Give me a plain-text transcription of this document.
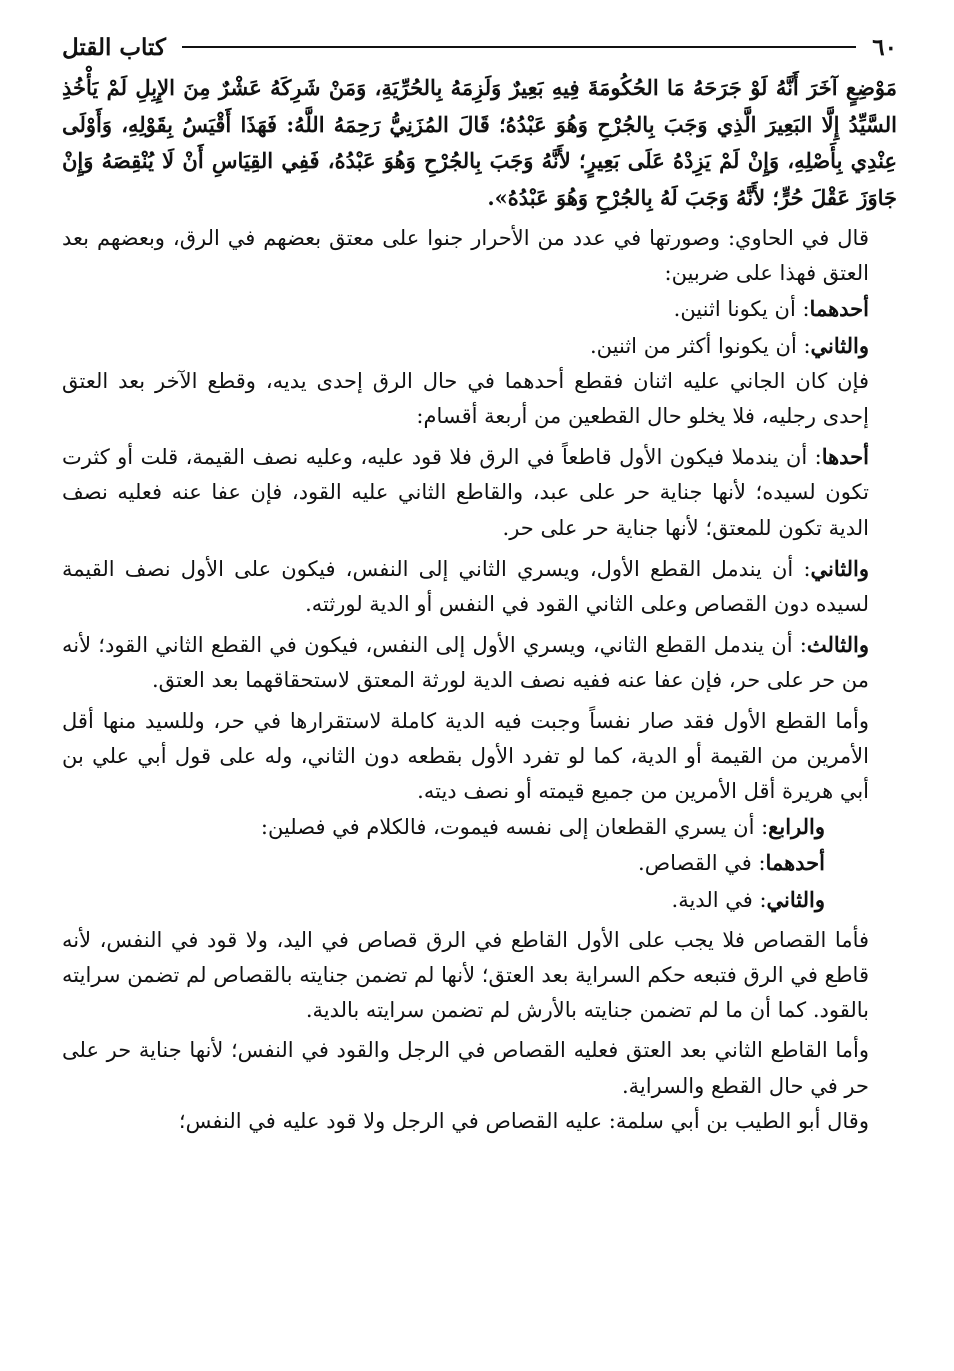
٦٠
كتاب القتل

مَوْضِعٍ آخَرَ أَنَّهُ لَوْ جَرَحَهُ مَا الحُكُومَةَ فِيهِ بَعِيرٌ وَلَزِمَهُ بِالحُرِّيَةِ، وَمَنْ شَرِكَهُ عَشْرٌ مِنَ الإِبِلِ لَمْ يَأْخُذِ السَّيِّدُ إِلَّا البَعِيرَ الَّذِي وَجَبَ بِالجُرْحِ وَهُوَ عَبْدُهُ؛ قَالَ المُزَنِيُّ رَحِمَهُ اللَّهُ: فَهَذَا أَقْيَسُ بِقَوْلِهِ، وَأَوْلَى عِنْدِي بِأَصْلِهِ، وَإِنْ لَمْ يَزِدْهُ عَلَى بَعِيرٍ؛ لأَنَّهُ وَجَبَ بِالجُرْحِ وَهُوَ عَبْدُهُ، فَفِي القِيَاسِ أَنْ لَا يُنْقِصَهُ وَإِنْ جَاوَزَ عَقْلَ حُرٍّ؛ لأَنَّهُ وَجَبَ لَهُ بِالجُرْحِ وَهُوَ عَبْدُهُ».

قال في الحاوي: وصورتها في عدد من الأحرار جنوا على معتق بعضهم في الرق، وبعضهم بعد العتق فهذا على ضربين:

أحدهما: أن يكونا اثنين.

والثاني: أن يكونوا أكثر من اثنين.

فإن كان الجاني عليه اثنان فقطع أحدهما في حال الرق إحدى يديه، وقطع الآخر بعد العتق إحدى رجليه، فلا يخلو حال القطعين من أربعة أقسام:

أحدها: أن يندملا فيكون الأول قاطعاً في الرق فلا قود عليه، وعليه نصف القيمة، قلت أو كثرت تكون لسيده؛ لأنها جناية حر على عبد، والقاطع الثاني عليه القود، فإن عفا عنه فعليه نصف الدية تكون للمعتق؛ لأنها جناية حر على حر.

والثاني: أن يندمل القطع الأول، ويسري الثاني إلى النفس، فيكون على الأول نصف القيمة لسيده دون القصاص وعلى الثاني القود في النفس أو الدية لورثته.

والثالث: أن يندمل القطع الثاني، ويسري الأول إلى النفس، فيكون في القطع الثاني القود؛ لأنه من حر على حر، فإن عفا عنه ففيه نصف الدية لورثة المعتق لاستحقاقهما بعد العتق.

وأما القطع الأول فقد صار نفساً وجبت فيه الدية كاملة لاستقرارها في حر، وللسيد منها أقل الأمرين من القيمة أو الدية، كما لو تفرد الأول بقطعه دون الثاني، وله على قول أبي علي بن أبي هريرة أقل الأمرين من جميع قيمته أو نصف ديته.

والرابع: أن يسري القطعان إلى نفسه فيموت، فالكلام في فصلين:

أحدهما: في القصاص.

والثاني: في الدية.

فأما القصاص فلا يجب على الأول القاطع في الرق قصاص في اليد، ولا قود في النفس، لأنه قاطع في الرق فتبعه حكم السراية بعد العتق؛ لأنها لم تضمن جنايته بالقصاص لم تضمن سرايته بالقود. كما أن ما لم تضمن جنايته بالأرش لم تضمن سرايته بالدية.

وأما القاطع الثاني بعد العتق فعليه القصاص في الرجل والقود في النفس؛ لأنها جناية حر على حر في حال القطع والسراية.

وقال أبو الطيب بن أبي سلمة: عليه القصاص في الرجل ولا قود عليه في النفس؛
